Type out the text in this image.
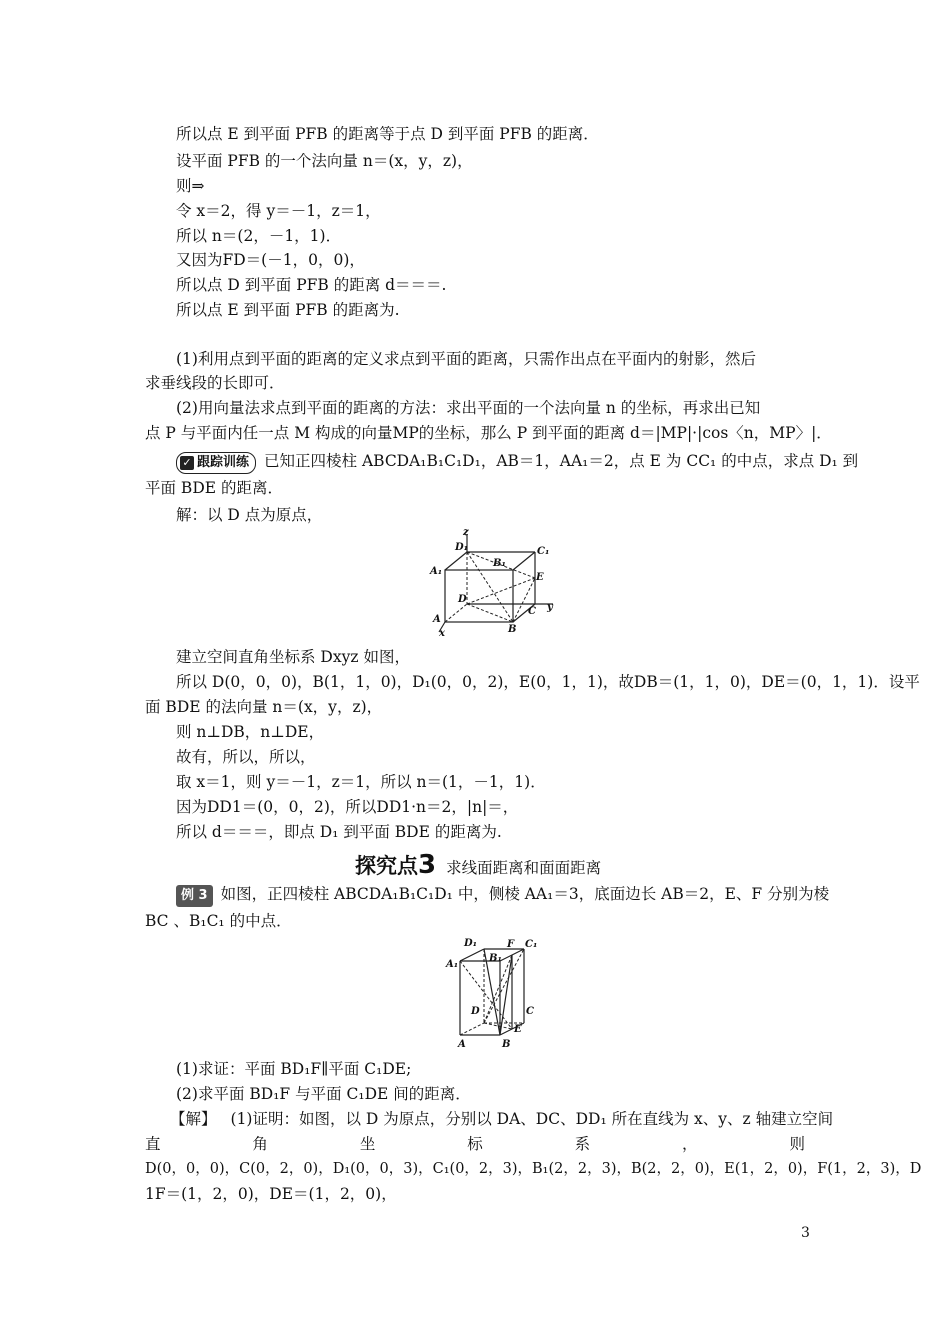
所以点 E 到平面 PFB 的距离等于点 D 到平面 PFB 的距离．
设平面 PFB 的一个法向量 n＝(x，y，z)，
则⇒
令 x＝2，得 y＝－1，z＝1，
所以 n＝(2，－1，1)．
又因为FD＝(－1，0，0)，
所以点 D 到平面 PFB 的距离 d＝＝＝.
所以点 E 到平面 PFB 的距离为.
(1)利用点到平面的距离的定义求点到平面的距离，只需作出点在平面内的射影，然后
求垂线段的长即可．
(2)用向量法求点到平面的距离的方法：求出平面的一个法向量 n 的坐标，再求出已知
点 P 与平面内任一点 M 构成的向量MP的坐标，那么 P 到平面的距离 d＝|MP|·|cos〈n，MP〉|．
✓ 跟踪训练 已知正四棱柱 ABCDA₁B₁C₁D₁，AB＝1，AA₁＝2，点 E 为 CC₁ 的中点，求点 D₁ 到
平面 BDE 的距离．
解：以 D 点为原点，
z
D₁	C₁
A₁
B₁
E
D
C y
A
B
x
建立空间直角坐标系 Dxyz 如图，
所以 D(0，0，0)，B(1，1，0)，D₁(0，0，2)，E(0，1，1)，故DB＝(1，1，0)，DE＝(0，1，1)．设平
面 BDE 的法向量 n＝(x，y，z)，
则 n⊥DB，n⊥DE，
故有，所以，所以，
取 x＝1，则 y＝－1，z＝1，所以 n＝(1，－1，1)．
因为DD1＝(0，0，2)，所以DD1·n＝2，|n|＝，
所以 d＝＝＝，即点 D₁ 到平面 BDE 的距离为.
探究点3 求线面距离和面面距离
例 3 如图，正四棱柱 ABCDA₁B₁C₁D₁ 中，侧棱 AA₁＝3，底面边长 AB＝2，E、F 分别为棱
BC 、B₁C₁ 的中点．
D₁	F C₁
A₁
B₁
E
C
D
A	B
(1)求证：平面 BD₁F∥平面 C₁DE;
(2)求平面 BD₁F 与平面 C₁DE 间的距离．
【解】 (1)证明：如图，以 D 为原点，分别以 DA、DC、DD₁ 所在直线为 x、y、z 轴建立空间
直	角	坐	标	系	，	则
D(0，0，0)，C(0，2，0)，D₁(0，0，3)，C₁(0，2，3)，B₁(2，2，3)，B(2，2，0)，E(1，2，0)，F(1，2，3)，D
1F＝(1，2，0)，DE＝(1，2，0)，
3
